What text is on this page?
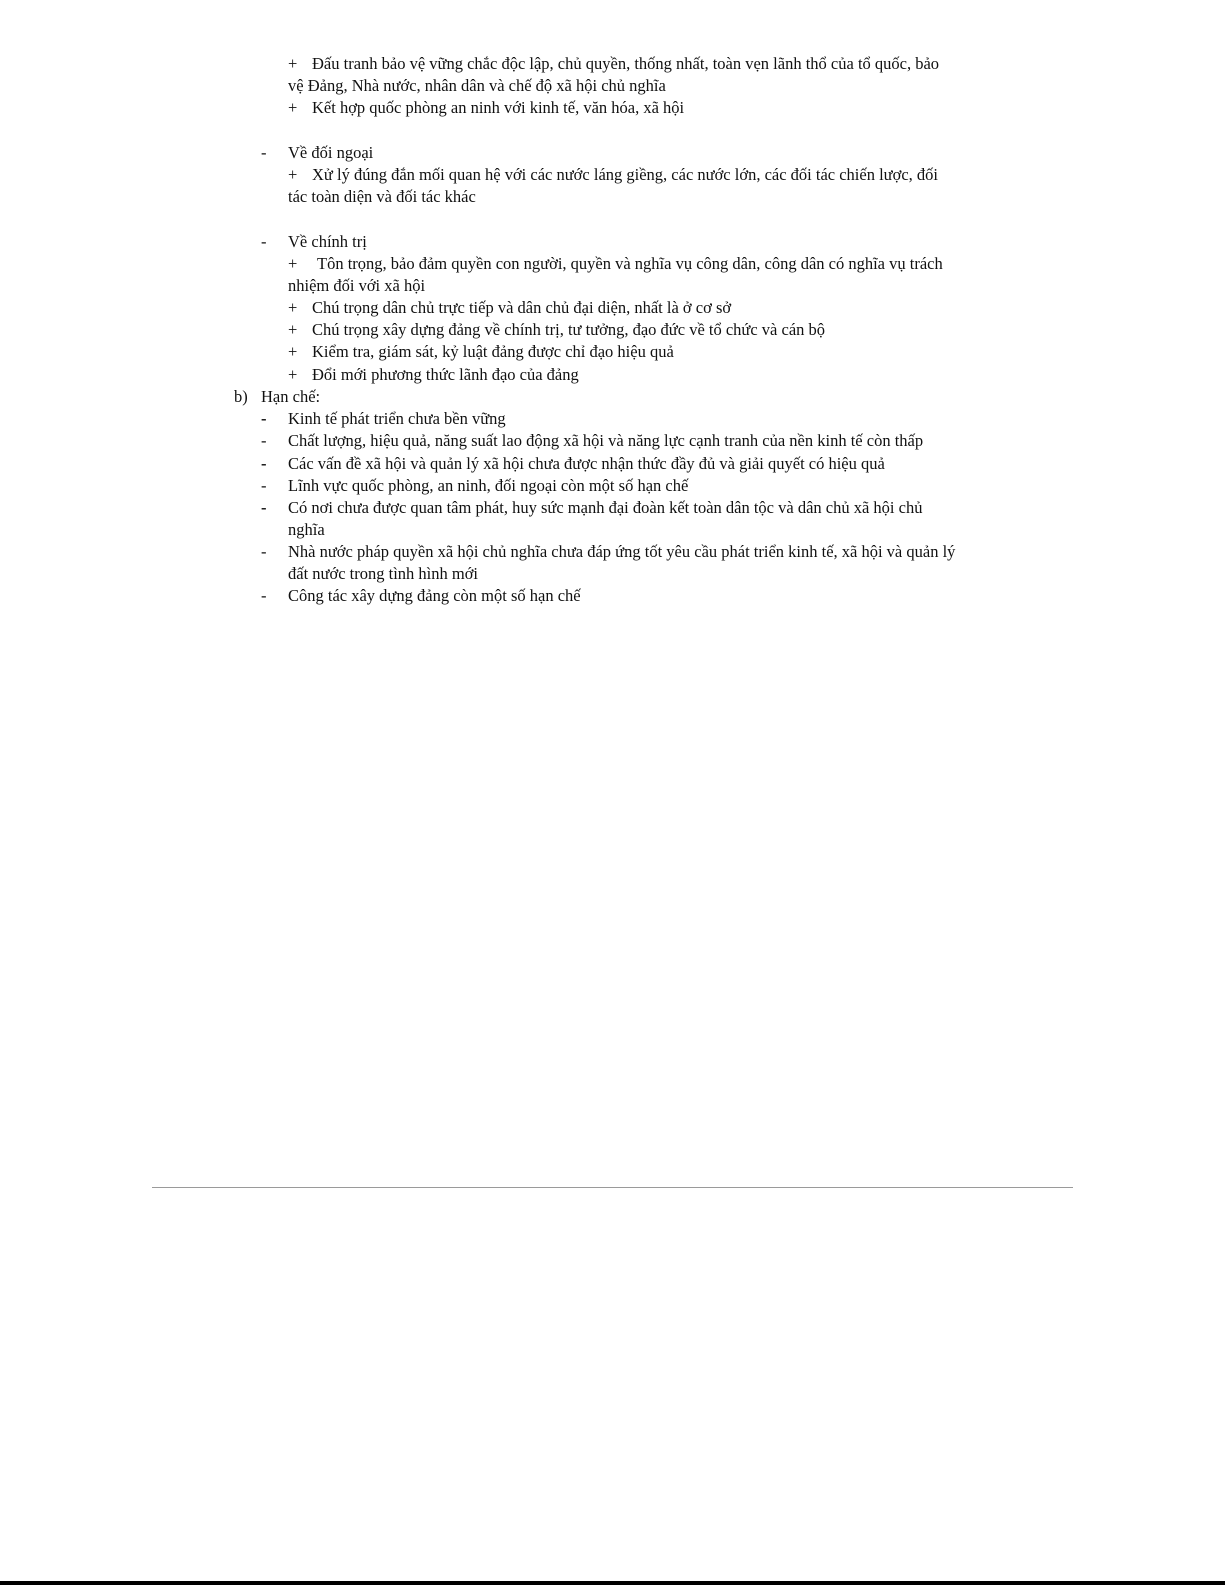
+ Đấu tranh bảo vệ vững chắc độc lập, chủ quyền, thống nhất, toàn vẹn lãnh thổ của tổ quốc, bảo
vệ Đảng, Nhà nước, nhân dân và chế độ xã hội chủ nghĩa
+ Kết hợp quốc phòng an ninh với kinh tế, văn hóa, xã hội
- Về đối ngoại
+ Xử lý đúng đắn mối quan hệ với các nước láng giềng, các nước lớn, các đối tác chiến lược, đối
tác toàn diện và đối tác khác
- Về chính trị
+ Tôn trọng, bảo đảm quyền con người, quyền và nghĩa vụ công dân, công dân có nghĩa vụ trách
nhiệm đối với xã hội
+ Chú trọng dân chủ trực tiếp và dân chủ đại diện, nhất là ở cơ sở
+ Chú trọng xây dựng đảng về chính trị, tư tưởng, đạo đức về tổ chức và cán bộ
+ Kiểm tra, giám sát, kỷ luật đảng được chỉ đạo hiệu quả
+ Đổi mới phương thức lãnh đạo của đảng
b) Hạn chế:
- Kinh tế phát triển chưa bền vững
- Chất lượng, hiệu quả, năng suất lao động xã hội và năng lực cạnh tranh của nền kinh tế còn thấp
- Các vấn đề xã hội và quản lý xã hội chưa được nhận thức đầy đủ và giải quyết có hiệu quả
- Lĩnh vực quốc phòng, an ninh, đối ngoại còn một số hạn chế
- Có nơi chưa được quan tâm phát, huy sức mạnh đại đoàn kết toàn dân tộc và dân chủ xã hội chủ
nghĩa
- Nhà nước pháp quyền xã hội chủ nghĩa chưa đáp ứng tốt yêu cầu phát triển kinh tế, xã hội và quản lý
đất nước trong tình hình mới
- Công tác xây dựng đảng còn một số hạn chế
